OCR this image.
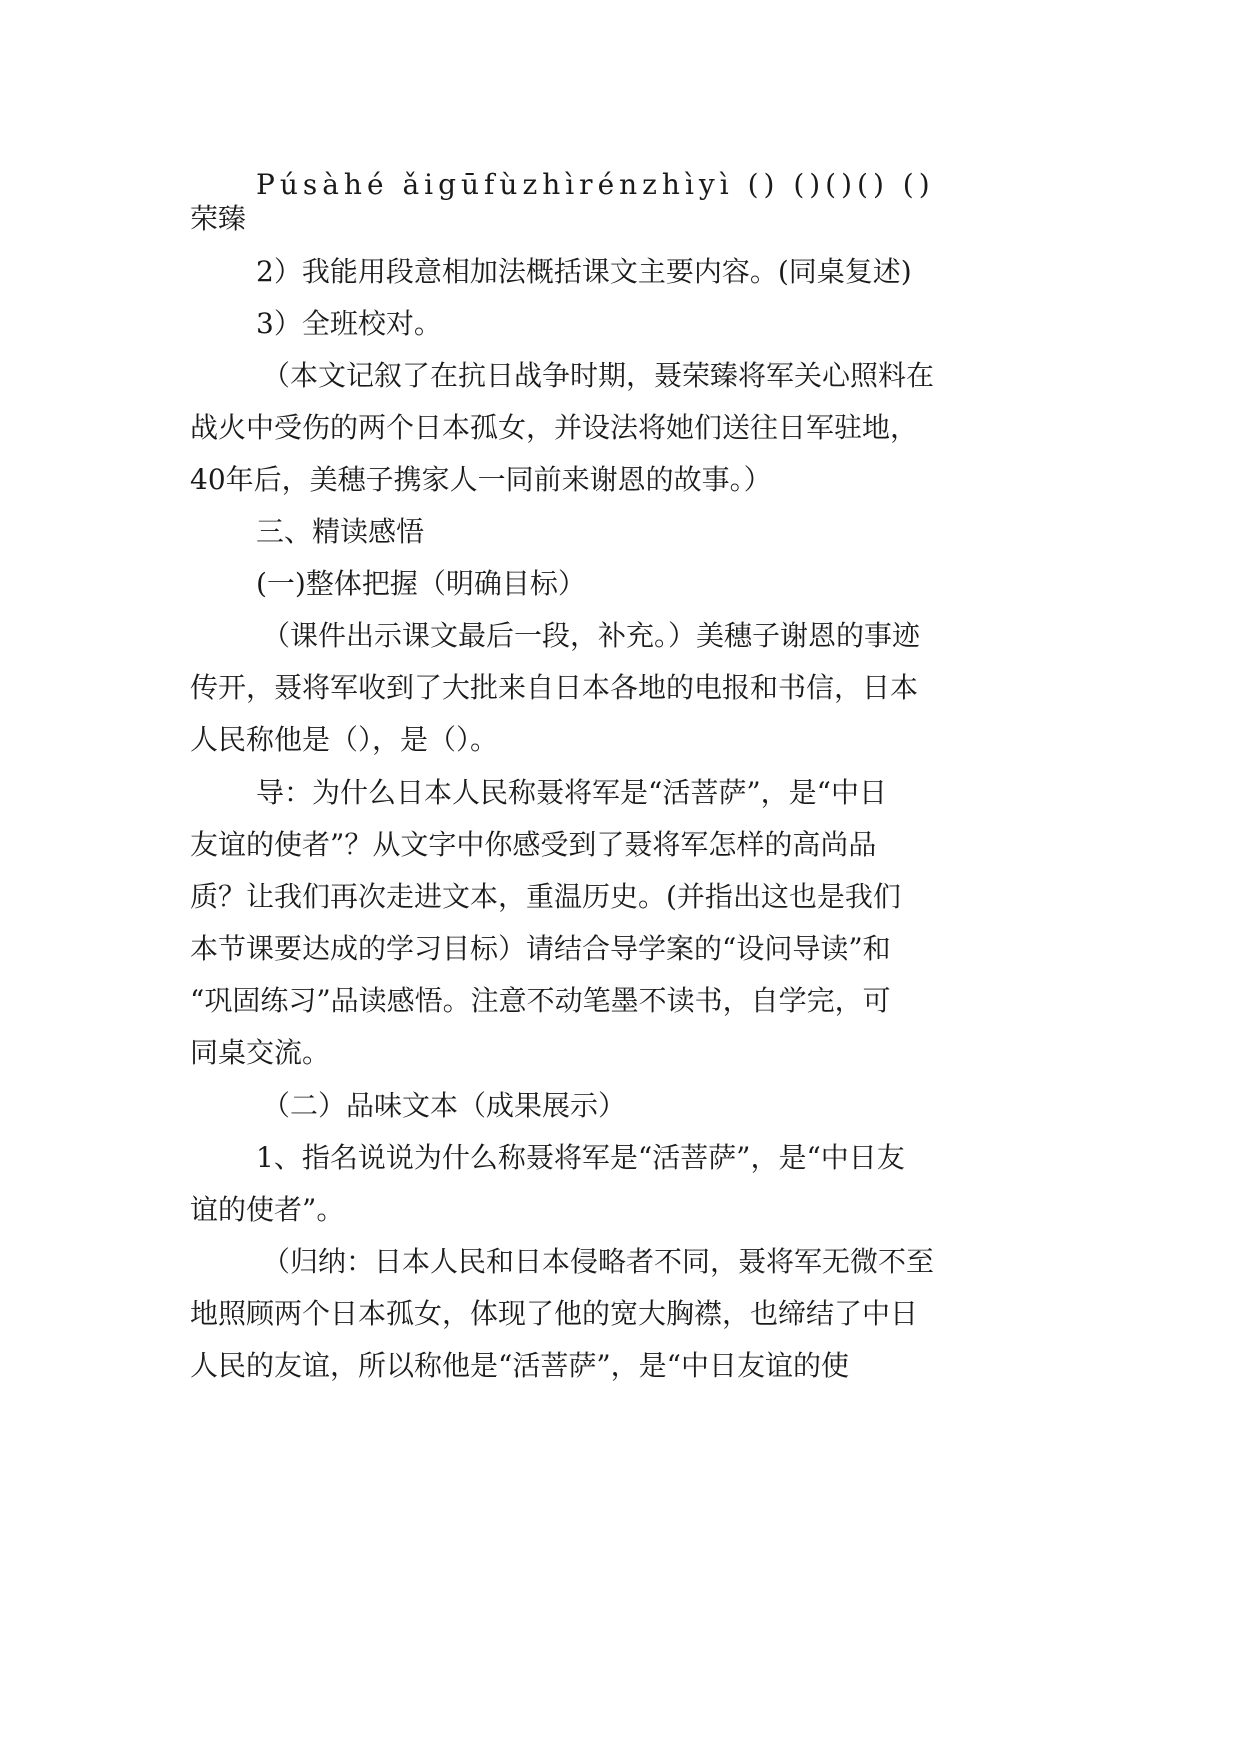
Púsàhé ǎigūfùzhìrénzhìyì () ()()() ()
荣臻
2）我能用段意相加法概括课文主要内容。(同桌复述)
3）全班校对。
（本文记叙了在抗日战争时期，聂荣臻将军关心照料在
战火中受伤的两个日本孤女，并设法将她们送往日军驻地，
40年后，美穗子携家人一同前来谢恩的故事。）
三、精读感悟
(一)整体把握（明确目标）
（课件出示课文最后一段，补充。）美穗子谢恩的事迹
传开，聂将军收到了大批来自日本各地的电报和书信，日本
人民称他是（），是（）。
导：为什么日本人民称聂将军是“活菩萨”，是“中日
友谊的使者”？从文字中你感受到了聂将军怎样的高尚品
质？让我们再次走进文本，重温历史。(并指出这也是我们
本节课要达成的学习目标）请结合导学案的“设问导读”和
“巩固练习”品读感悟。注意不动笔墨不读书，自学完，可
同桌交流。
（二）品味文本（成果展示）
1、指名说说为什么称聂将军是“活菩萨”，是“中日友
谊的使者”。
（归纳：日本人民和日本侵略者不同，聂将军无微不至
地照顾两个日本孤女，体现了他的宽大胸襟，也缔结了中日
人民的友谊，所以称他是“活菩萨”，是“中日友谊的使
